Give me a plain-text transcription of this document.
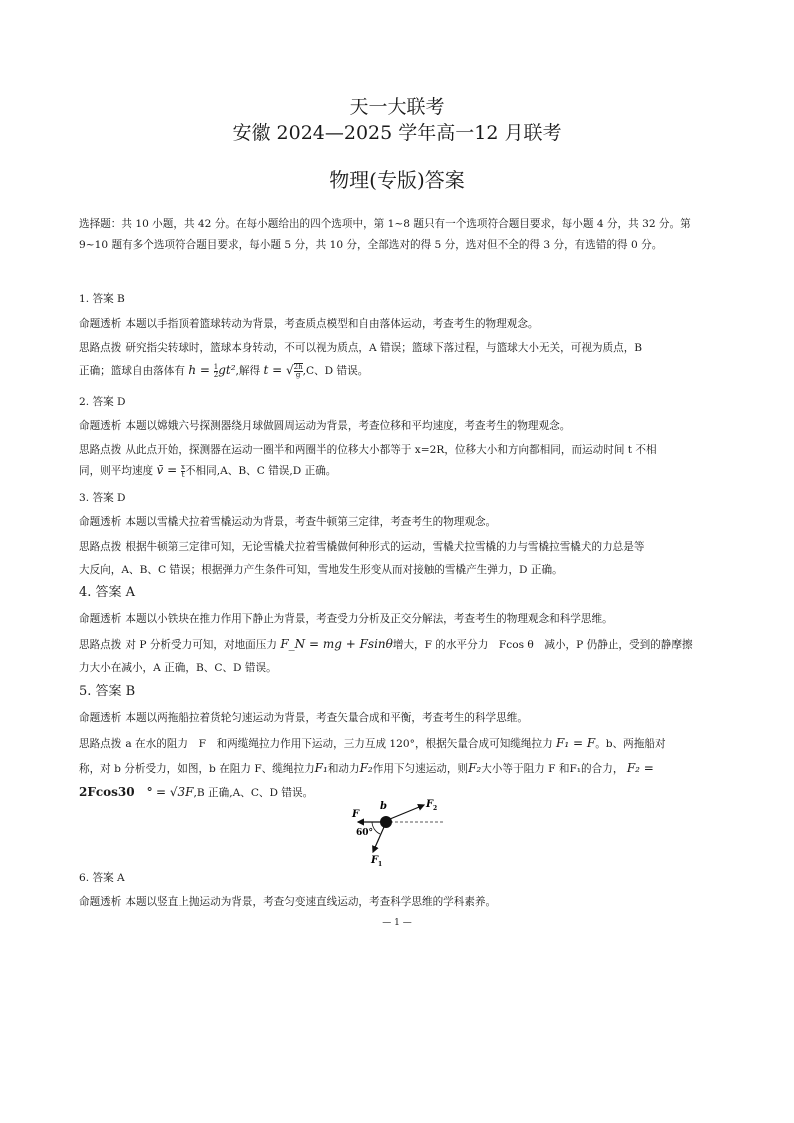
天一大联考
安徽 2024—2025 学年高一12 月联考
物理(专版)答案
选择题：共 10 小题，共 42 分。在每小题给出的四个选项中，第 1~8 题只有一个选项符合题目要求，每小题 4 分，共 32 分。第 9~10 题有多个选项符合题目要求，每小题 5 分，共 10 分，全部选对的得 5 分，选对但不全的得 3 分，有选错的得 0 分。
1. 答案 B
命题透析 本题以手指顶着篮球转动为背景，考查质点模型和自由落体运动，考查考生的物理观念。
思路点拨 研究指尖转球时，篮球本身转动，不可以视为质点，A 错误；篮球下落过程，与篮球大小无关，可视为质点，B
正确；篮球自由落体有 $h = \frac{1}{2} gt^2$,解得 t = √ $\frac{2h}{g} ,C$、D 错误。
2. 答案 D
命题透析 本题以嫦娥六号探测器绕月球做圆周运动为背景，考查位移和平均速度，考查考生的物理观念。
思路点拨 从此点开始，探测器在运动一圈半和两圈半的位移大小都等于 x=2R，位移大小和方向都相同，而运动时间 t 不相
同，则平均速度 v̄ = $\frac{x}{t}$ 不相同,A、B、C 错误,D 正确。
3. 答案 D
命题透析 本题以雪橇犬拉着雪橇运动为背景，考查牛顿第三定律，考查考生的物理观念。
思路点拨 根据牛顿第三定律可知，无论雪橇犬拉着雪橇做何种形式的运动，雪橇犬拉雪橇的力与雪橇拉雪橇犬的力总是等
大反向，A、B、C 错误；根据弹力产生条件可知，雪地发生形变从而对接触的雪橇产生弹力，D 正确。
4. 答案 A
命题透析 本题以小铁块在推力作用下静止为背景，考查受力分析及正交分解法，考查考生的物理观念和科学思维。
思路点拨 对 P 分析受力可知，对地面压力 F_N = mg + Fsinθ增大，F 的水平分力　Fcos θ　减小，P 仍静止，受到的静摩擦
力大小在减小，A 正确，B、C、D 错误。
5. 答案 B
命题透析 本题以两拖船拉着货轮匀速运动为背景，考查矢量合成和平衡，考查考生的科学思维。
思路点拨 a 在水的阻力　F　和两缆绳拉力作用下运动，三力互成 120°，根据矢量合成可知缆绳拉力 F₁ = F。b、两拖船对
称，对 b 分析受力，如图，b 在阻力 F、缆绳拉力F₁和动力F₂作用下匀速运动，则F₂大小等于阻力 F 和F₁的合力， F₂ =
2Fcos30　° = √3F,B 正确,A、C、D 错误。
F
b	F 2
60°
F 1
6. 答案 A
命题透析 本题以竖直上抛运动为背景，考查匀变速直线运动，考查科学思维的学科素养。
— 1 —
